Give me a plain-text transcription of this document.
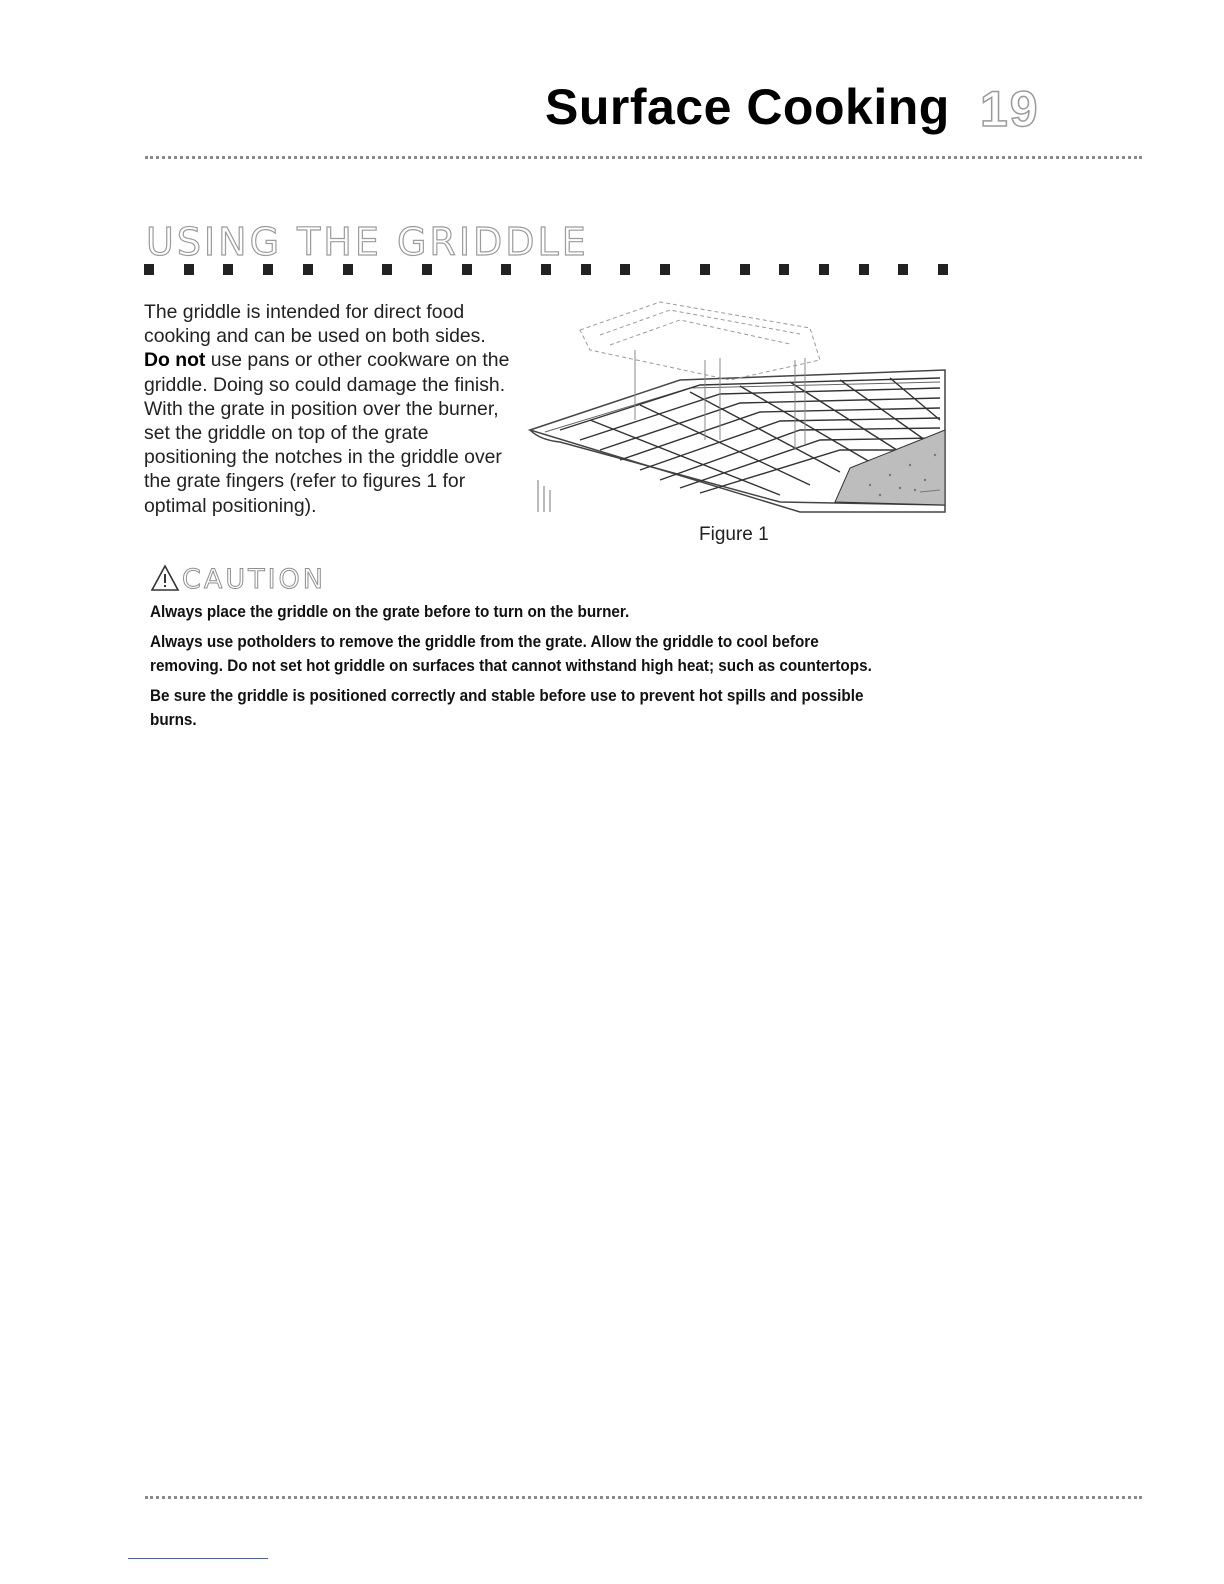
Surface Cooking 19
USING THE GRIDDLE
The griddle is intended for direct food cooking and can be used on both sides. Do not use pans or other cookware on the griddle. Doing so could damage the finish. With the grate in position over the burner, set the griddle on top of the grate positioning the notches in the griddle over the grate fingers (refer to figures 1 for optimal positioning).
Figure 1
CAUTION

Always place the griddle on the grate before to turn on the burner.

Always use potholders to remove the griddle from the grate. Allow the griddle to cool before removing. Do not set hot griddle on surfaces that cannot withstand high heat; such as countertops.

Be sure the griddle is positioned correctly and stable before use to prevent hot spills and possible burns.
